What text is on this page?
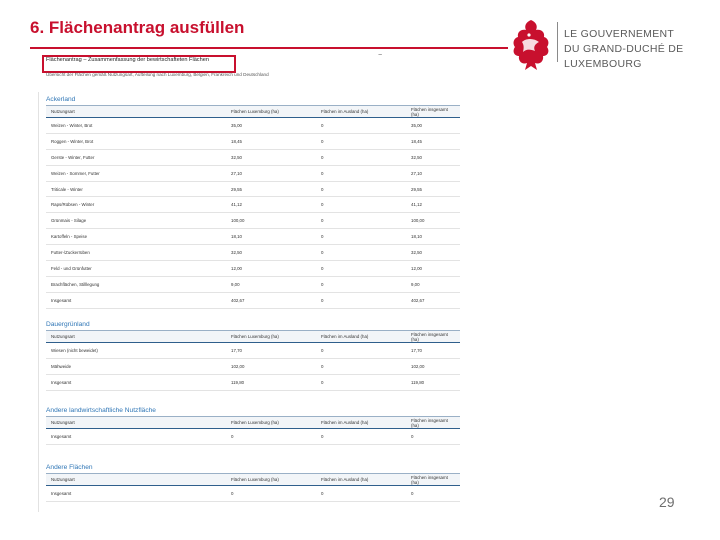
6. Flächenantrag ausfüllen	LE GOUVERNEMENT
DU GRAND-DUCHÉ DE LUXEMBOURG
Flächenantrag – Zusammenfassung der bewirtschafteten Flächen
Übersicht der Flächen gemäß Nutzungsart, Aufteilung nach Luxemburg, Belgien, Frankreich und Deutschland
−
Ackerland
Nutzungsart	Flächen Luxemburg (ha)	Flächen im Ausland (ha)	Flächen insgesamt (ha)
Weizen - Winter, Brot	35,00	0	35,00
Roggen - Winter, Brot	18,45	0	18,45
Gerste - Winter, Futter	32,50	0	32,50
Weizen - Sommer, Futter	27,10	0	27,10
Triticale - Winter	29,55	0	29,55
Raps/Rübsen - Winter	41,12	0	41,12
Grünmais - Silage	100,00	0	100,00
Kartoffeln - Speise	18,10	0	18,10
Futter-/Zuckerrüben	32,50	0	32,50
Feld - und Grünfutter	12,00	0	12,00
Brachflächen, Stilllegung	9,00	0	9,00
Insgesamt	402,67	0	402,67
Dauergrünland
Nutzungsart	Flächen Luxemburg (ha)	Flächen im Ausland (ha)	Flächen insgesamt (ha)
Wiesen (nicht beweidet)	17,70	0	17,70
Mähweide	102,00	0	102,00
Insgesamt	119,80	0	119,80
Andere landwirtschaftliche Nutzfläche
Nutzungsart	Flächen Luxemburg (ha)	Flächen im Ausland (ha)	Flächen insgesamt (ha)
Insgesamt	0	0	0
Andere Flächen
Nutzungsart	Flächen Luxemburg (ha)	Flächen im Ausland (ha)	Flächen insgesamt (ha)
Insgesamt	0	0	0
29
